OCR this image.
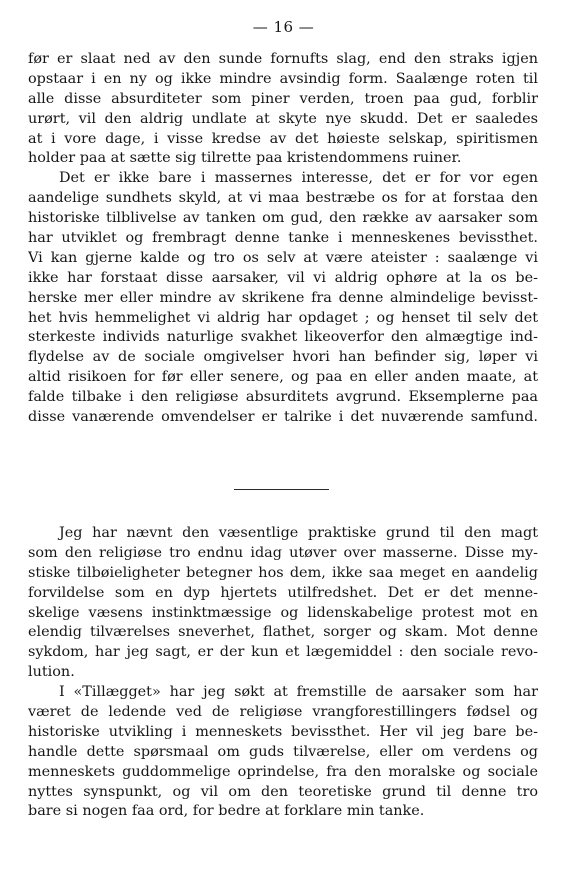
— 16 —
før er slaat ned av den sunde fornufts slag, end den straks igjen
opstaar i en ny og ikke mindre avsindig form. Saalænge roten til
alle disse absurditeter som piner verden, troen paa gud, forblir
urørt, vil den aldrig undlate at skyte nye skudd. Det er saaledes
at i vore dage, i visse kredse av det høieste selskap, spiritismen
holder paa at sætte sig tilrette paa kristendommens ruiner.
Det er ikke bare i massernes interesse, det er for vor egen
aandelige sundhets skyld, at vi maa bestræbe os for at forstaa den
historiske tilblivelse av tanken om gud, den række av aarsaker som
har utviklet og frembragt denne tanke i menneskenes bevissthet.
Vi kan gjerne kalde og tro os selv at være ateister : saalænge vi
ikke har forstaat disse aarsaker, vil vi aldrig ophøre at la os be-
herske mer eller mindre av skrikene fra denne almindelige bevisst-
het hvis hemmelighet vi aldrig har opdaget ; og henset til selv det
sterkeste individs naturlige svakhet likeoverfor den almægtige ind-
flydelse av de sociale omgivelser hvori han befinder sig, løper vi
altid risikoen for før eller senere, og paa en eller anden maate, at
falde tilbake i den religiøse absurditets avgrund. Eksemplerne paa
disse vanærende omvendelser er talrike i det nuværende samfund.
Jeg har nævnt den væsentlige praktiske grund til den magt
som den religiøse tro endnu idag utøver over masserne. Disse my-
stiske tilbøieligheter betegner hos dem, ikke saa meget en aandelig
forvildelse som en dyp hjertets utilfredshet. Det er det menne-
skelige væsens instinktmæssige og lidenskabelige protest mot en
elendig tilværelses sneverhet, flathet, sorger og skam. Mot denne
sykdom, har jeg sagt, er der kun et lægemiddel : den sociale revo-
lution.
I «Tillægget» har jeg søkt at fremstille de aarsaker som har
været de ledende ved de religiøse vrangforestillingers fødsel og
historiske utvikling i menneskets bevissthet. Her vil jeg bare be-
handle dette spørsmaal om guds tilværelse, eller om verdens og
menneskets guddommelige oprindelse, fra den moralske og sociale
nyttes synspunkt, og vil om den teoretiske grund til denne tro
bare si nogen faa ord, for bedre at forklare min tanke.
